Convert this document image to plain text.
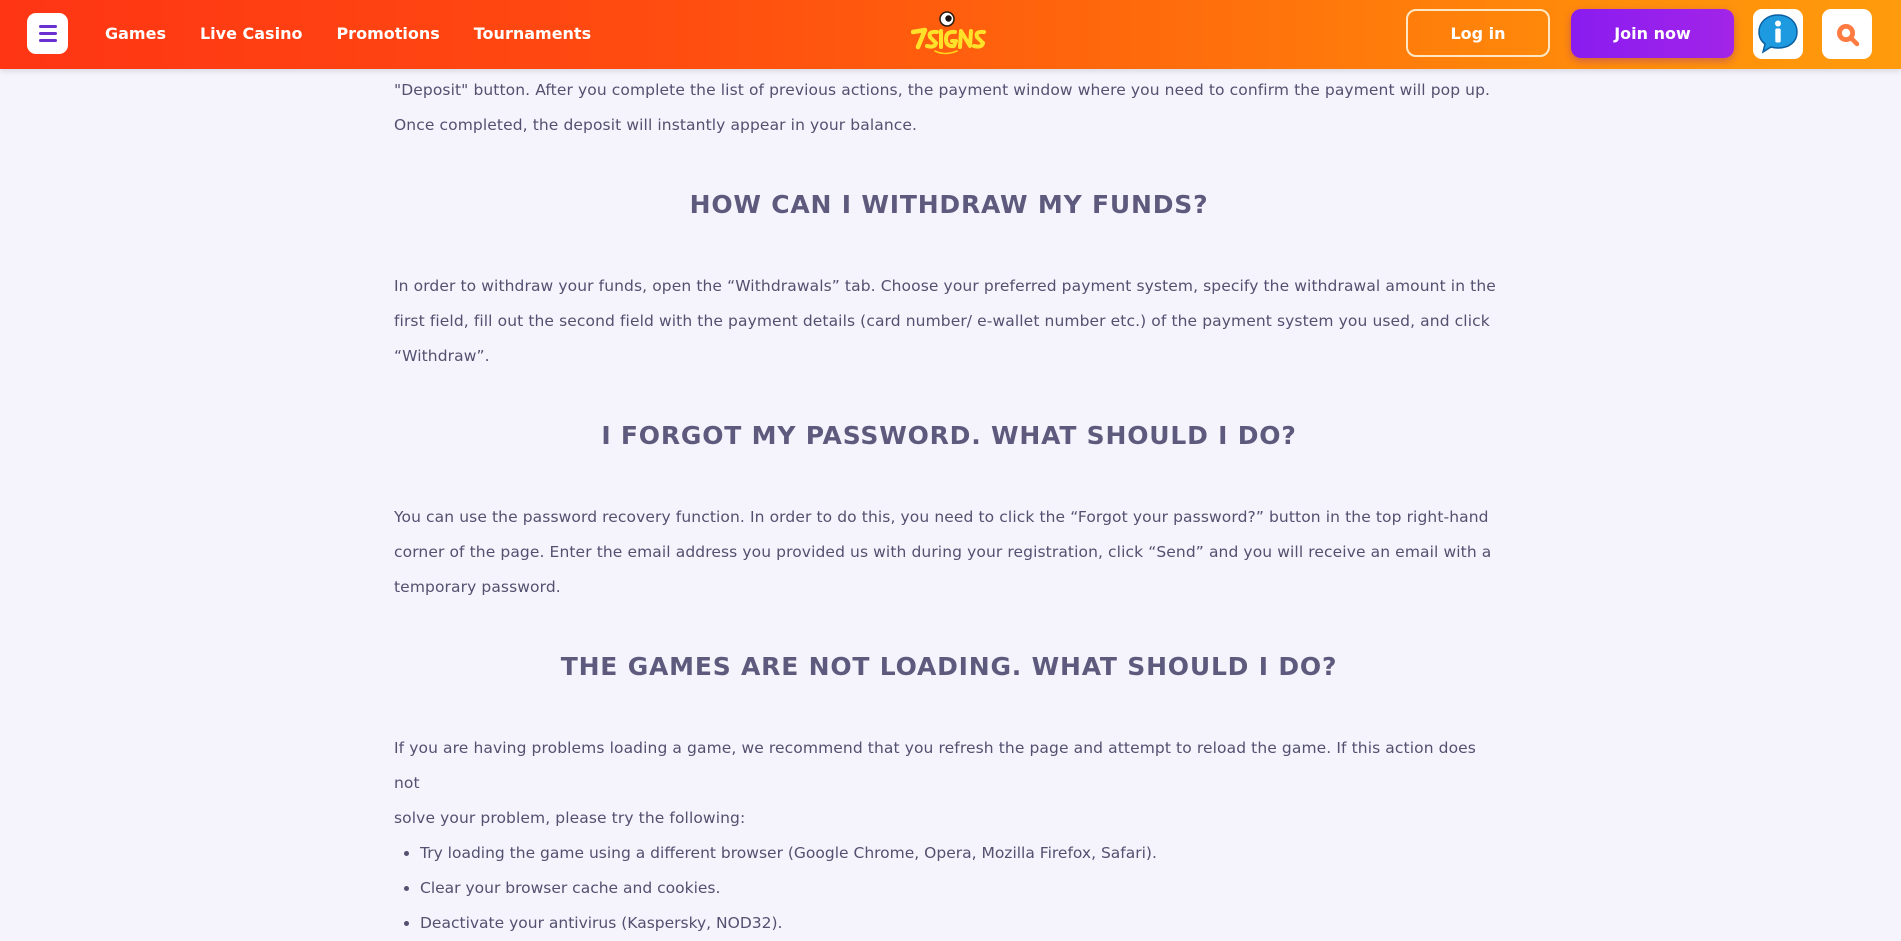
Games	Live Casino	Promotions	Tournaments	Log in	Join now

"Deposit" button. After you complete the list of previous actions, the payment window where you need to confirm the payment will pop up.
Once completed, the deposit will instantly appear in your balance.

HOW CAN I WITHDRAW MY FUNDS?

In order to withdraw your funds, open the “Withdrawals” tab. Choose your preferred payment system, specify the withdrawal amount in the
first field, fill out the second field with the payment details (card number/ e-wallet number etc.) of the payment system you used, and click
“Withdraw”.

I FORGOT MY PASSWORD. WHAT SHOULD I DO?

You can use the password recovery function. In order to do this, you need to click the “Forgot your password?” button in the top right-hand
corner of the page. Enter the email address you provided us with during your registration, click “Send” and you will receive an email with a
temporary password.

THE GAMES ARE NOT LOADING. WHAT SHOULD I DO?

If you are having problems loading a game, we recommend that you refresh the page and attempt to reload the game. If this action does not
solve your problem, please try the following:

• Try loading the game using a different browser (Google Chrome, Opera, Mozilla Firefox, Safari).
• Clear your browser cache and cookies.
• Deactivate your antivirus (Kaspersky, NOD32).
